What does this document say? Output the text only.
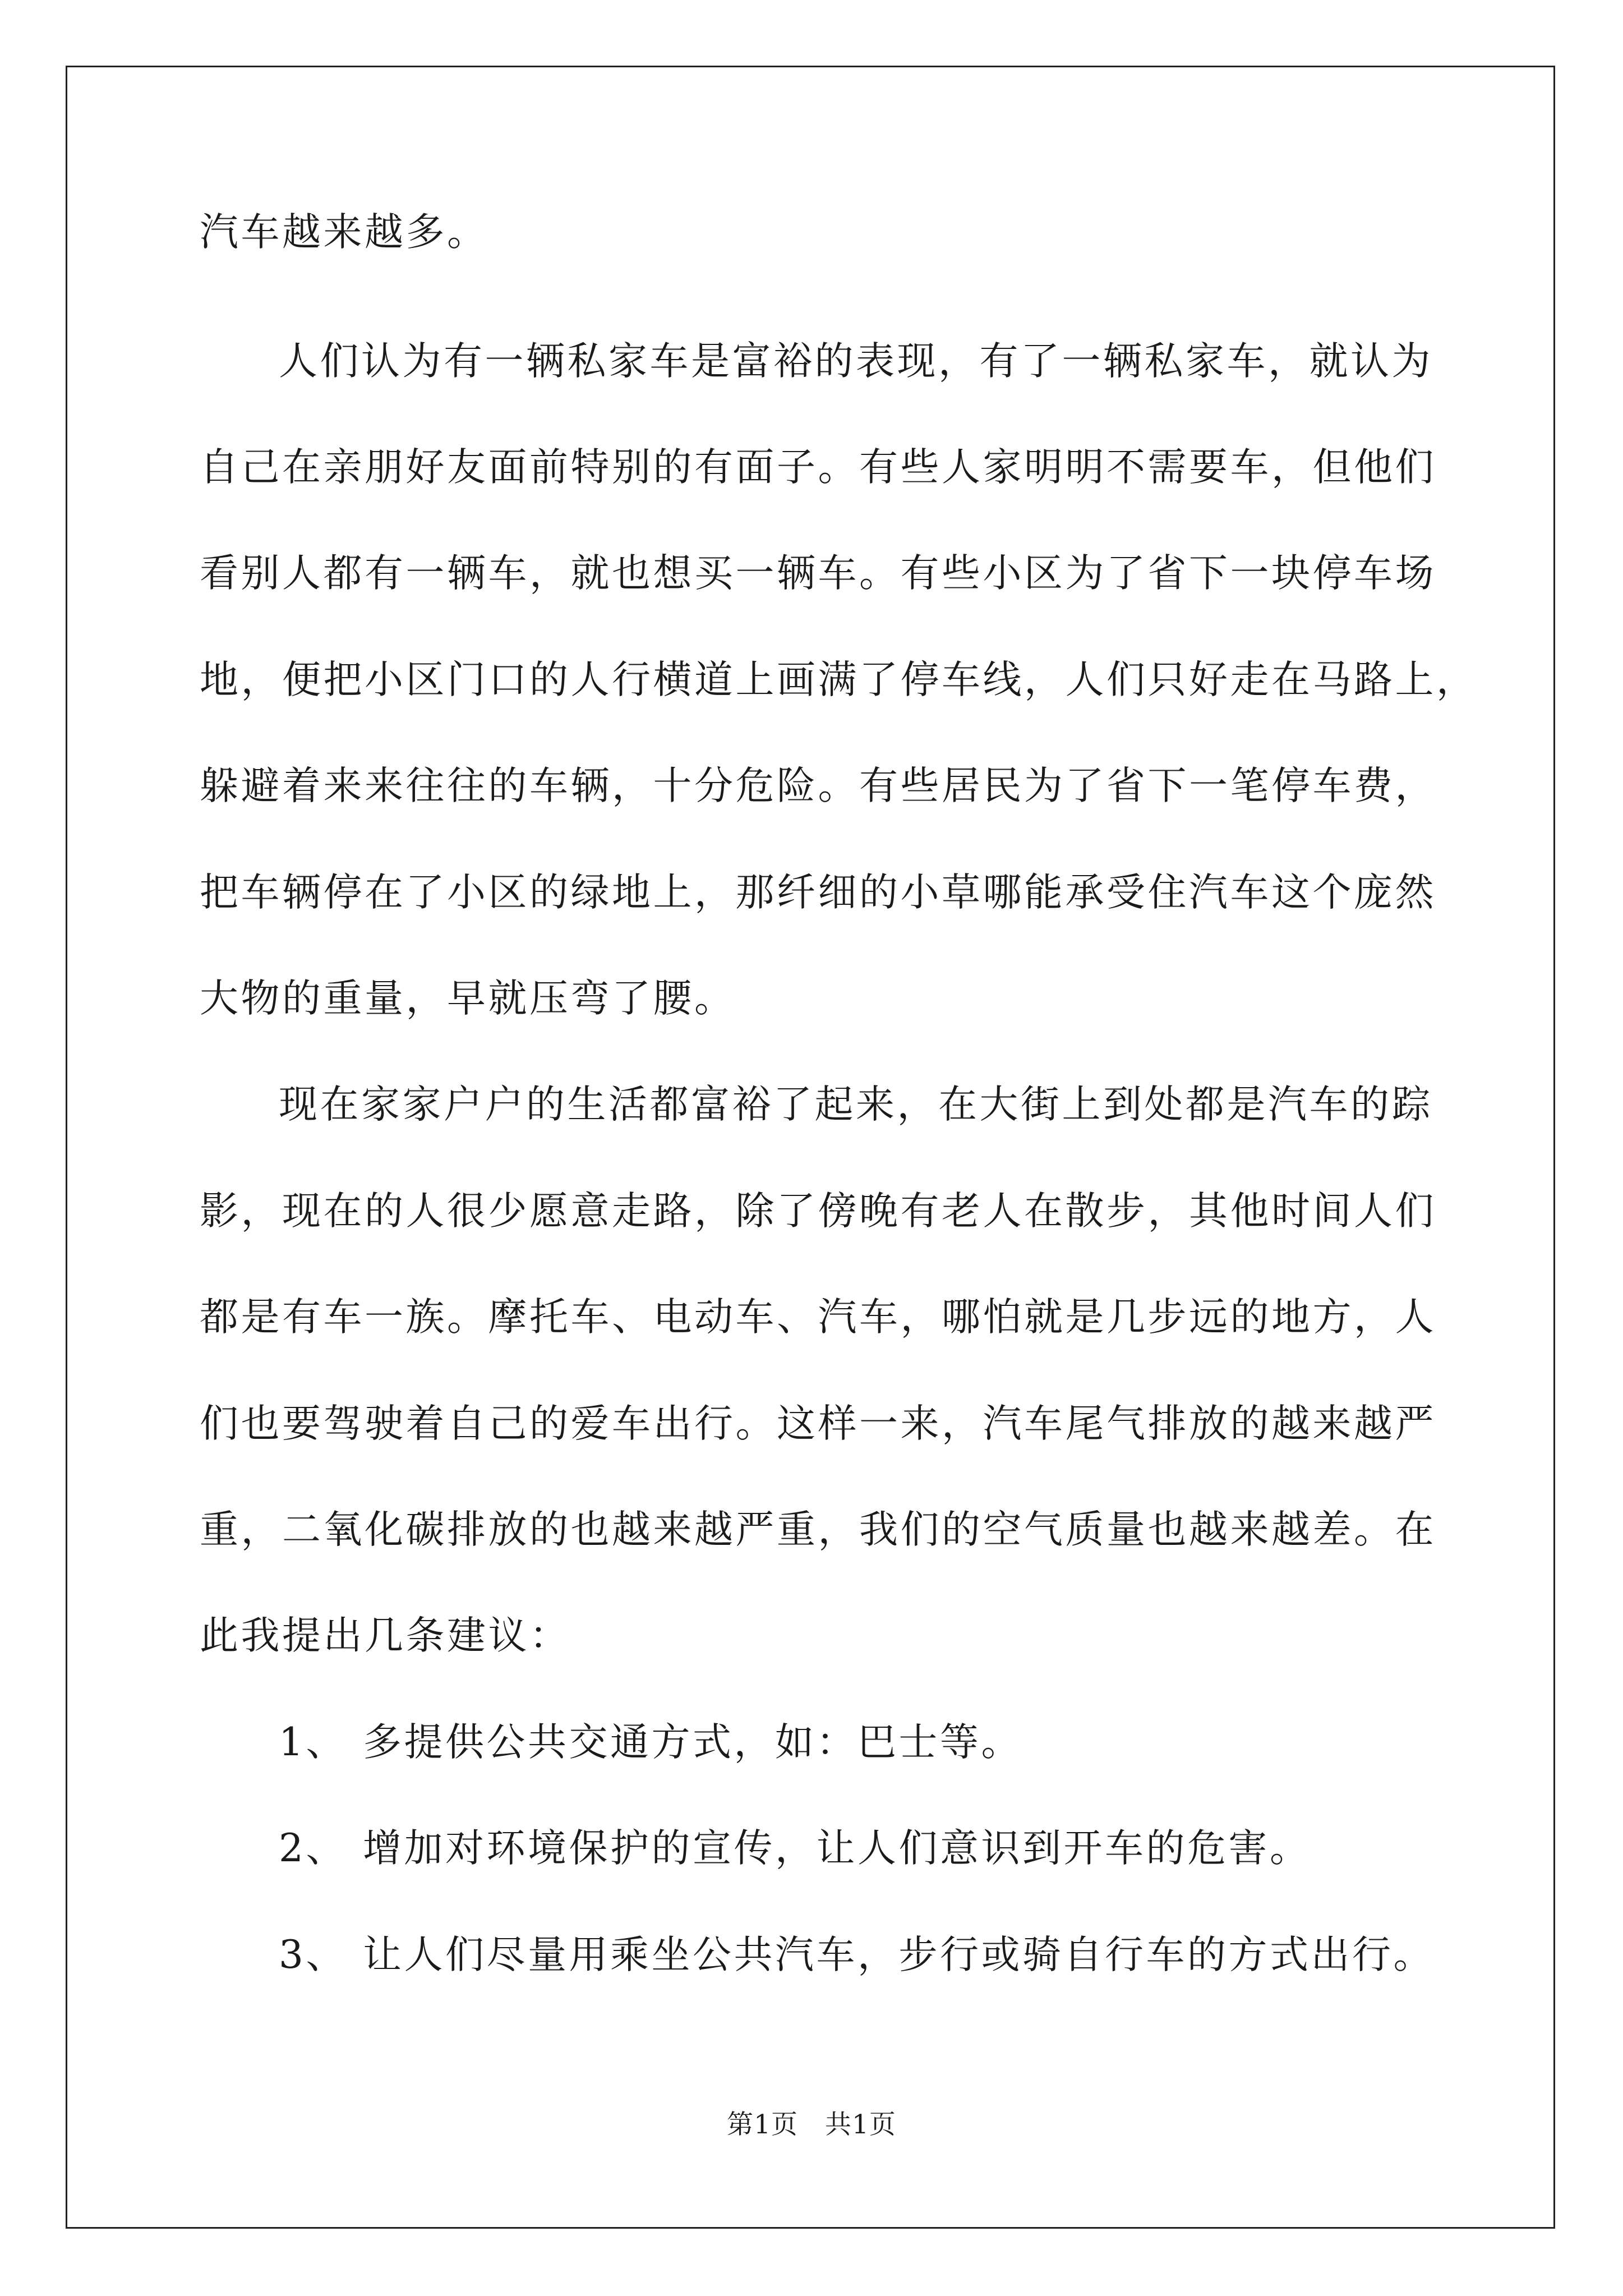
汽车越来越多。
人们认为有一辆私家车是富裕的表现，有了一辆私家车，就认为
自己在亲朋好友面前特别的有面子。有些人家明明不需要车，但他们
看别人都有一辆车，就也想买一辆车。有些小区为了省下一块停车场
地，便把小区门口的人行横道上画满了停车线，人们只好走在马路上，
躲避着来来往往的车辆，十分危险。有些居民为了省下一笔停车费，
把车辆停在了小区的绿地上，那纤细的小草哪能承受住汽车这个庞然
大物的重量，早就压弯了腰。
现在家家户户的生活都富裕了起来，在大街上到处都是汽车的踪
影，现在的人很少愿意走路，除了傍晚有老人在散步，其他时间人们
都是有车一族。摩托车、电动车、汽车，哪怕就是几步远的地方，人
们也要驾驶着自己的爱车出行。这样一来，汽车尾气排放的越来越严
重，二氧化碳排放的也越来越严重，我们的空气质量也越来越差。在
此我提出几条建议：
1、 多提供公共交通方式，如：巴士等。
2、 增加对环境保护的宣传，让人们意识到开车的危害。
3、 让人们尽量用乘坐公共汽车，步行或骑自行车的方式出行。
第1页　共1页
